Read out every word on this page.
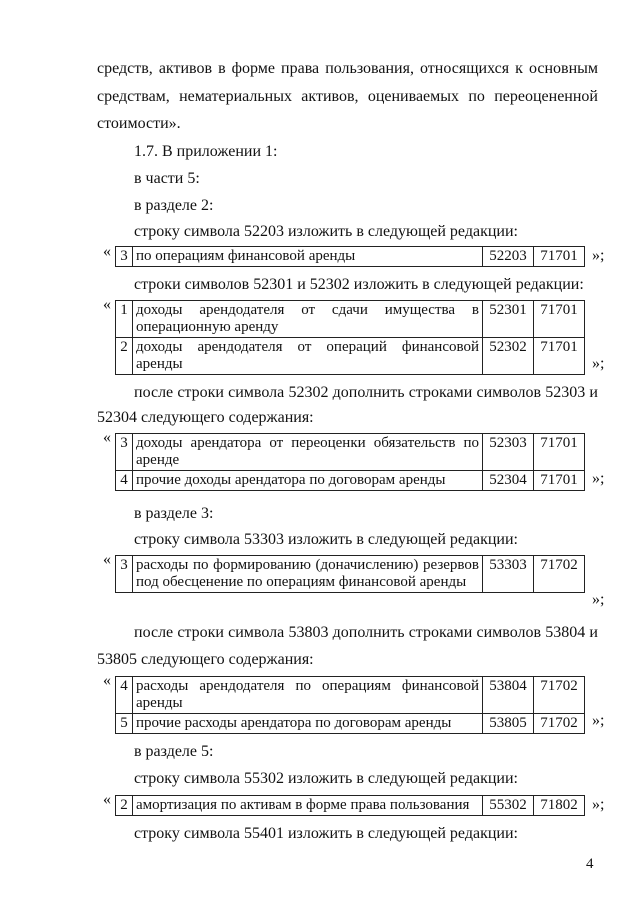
средств, активов в форме права пользования, относящихся к основным
средствам, нематериальных активов, оцениваемых по переоцененной
стоимости».
1.7. В приложении 1:
в части 5:
в разделе 2:
строку символа 52203 изложить в следующей редакции:
« 3	по операциям финансовой аренды	52203	71701 »;
строки символов 52301 и 52302 изложить в следующей редакции:
« 1	доходы арендодателя от сдачи имущества в операционную аренду	52301	71701
2	доходы арендодателя от операций финансовой аренды	52302	71701
»;
после строки символа 52302 дополнить строками символов 52303 и
52304 следующего содержания:
« 3	доходы арендатора от переоценки обязательств по аренде	52303	71701
4	прочие доходы арендатора по договорам аренды	52304	71701 »;
в разделе 3:
строку символа 53303 изложить в следующей редакции:
« 3	расходы по формированию (доначислению) резервов под обесценение по операциям финансовой аренды	53303	71702
»;
после строки символа 53803 дополнить строками символов 53804 и
53805 следующего содержания:
« 4	расходы арендодателя по операциям финансовой аренды	53804	71702
5	прочие расходы арендатора по договорам аренды	53805	71702 »;
в разделе 5:
строку символа 55302 изложить в следующей редакции:
« 2	амортизация по активам в форме права пользования	55302	71802 »;
строку символа 55401 изложить в следующей редакции:
4
